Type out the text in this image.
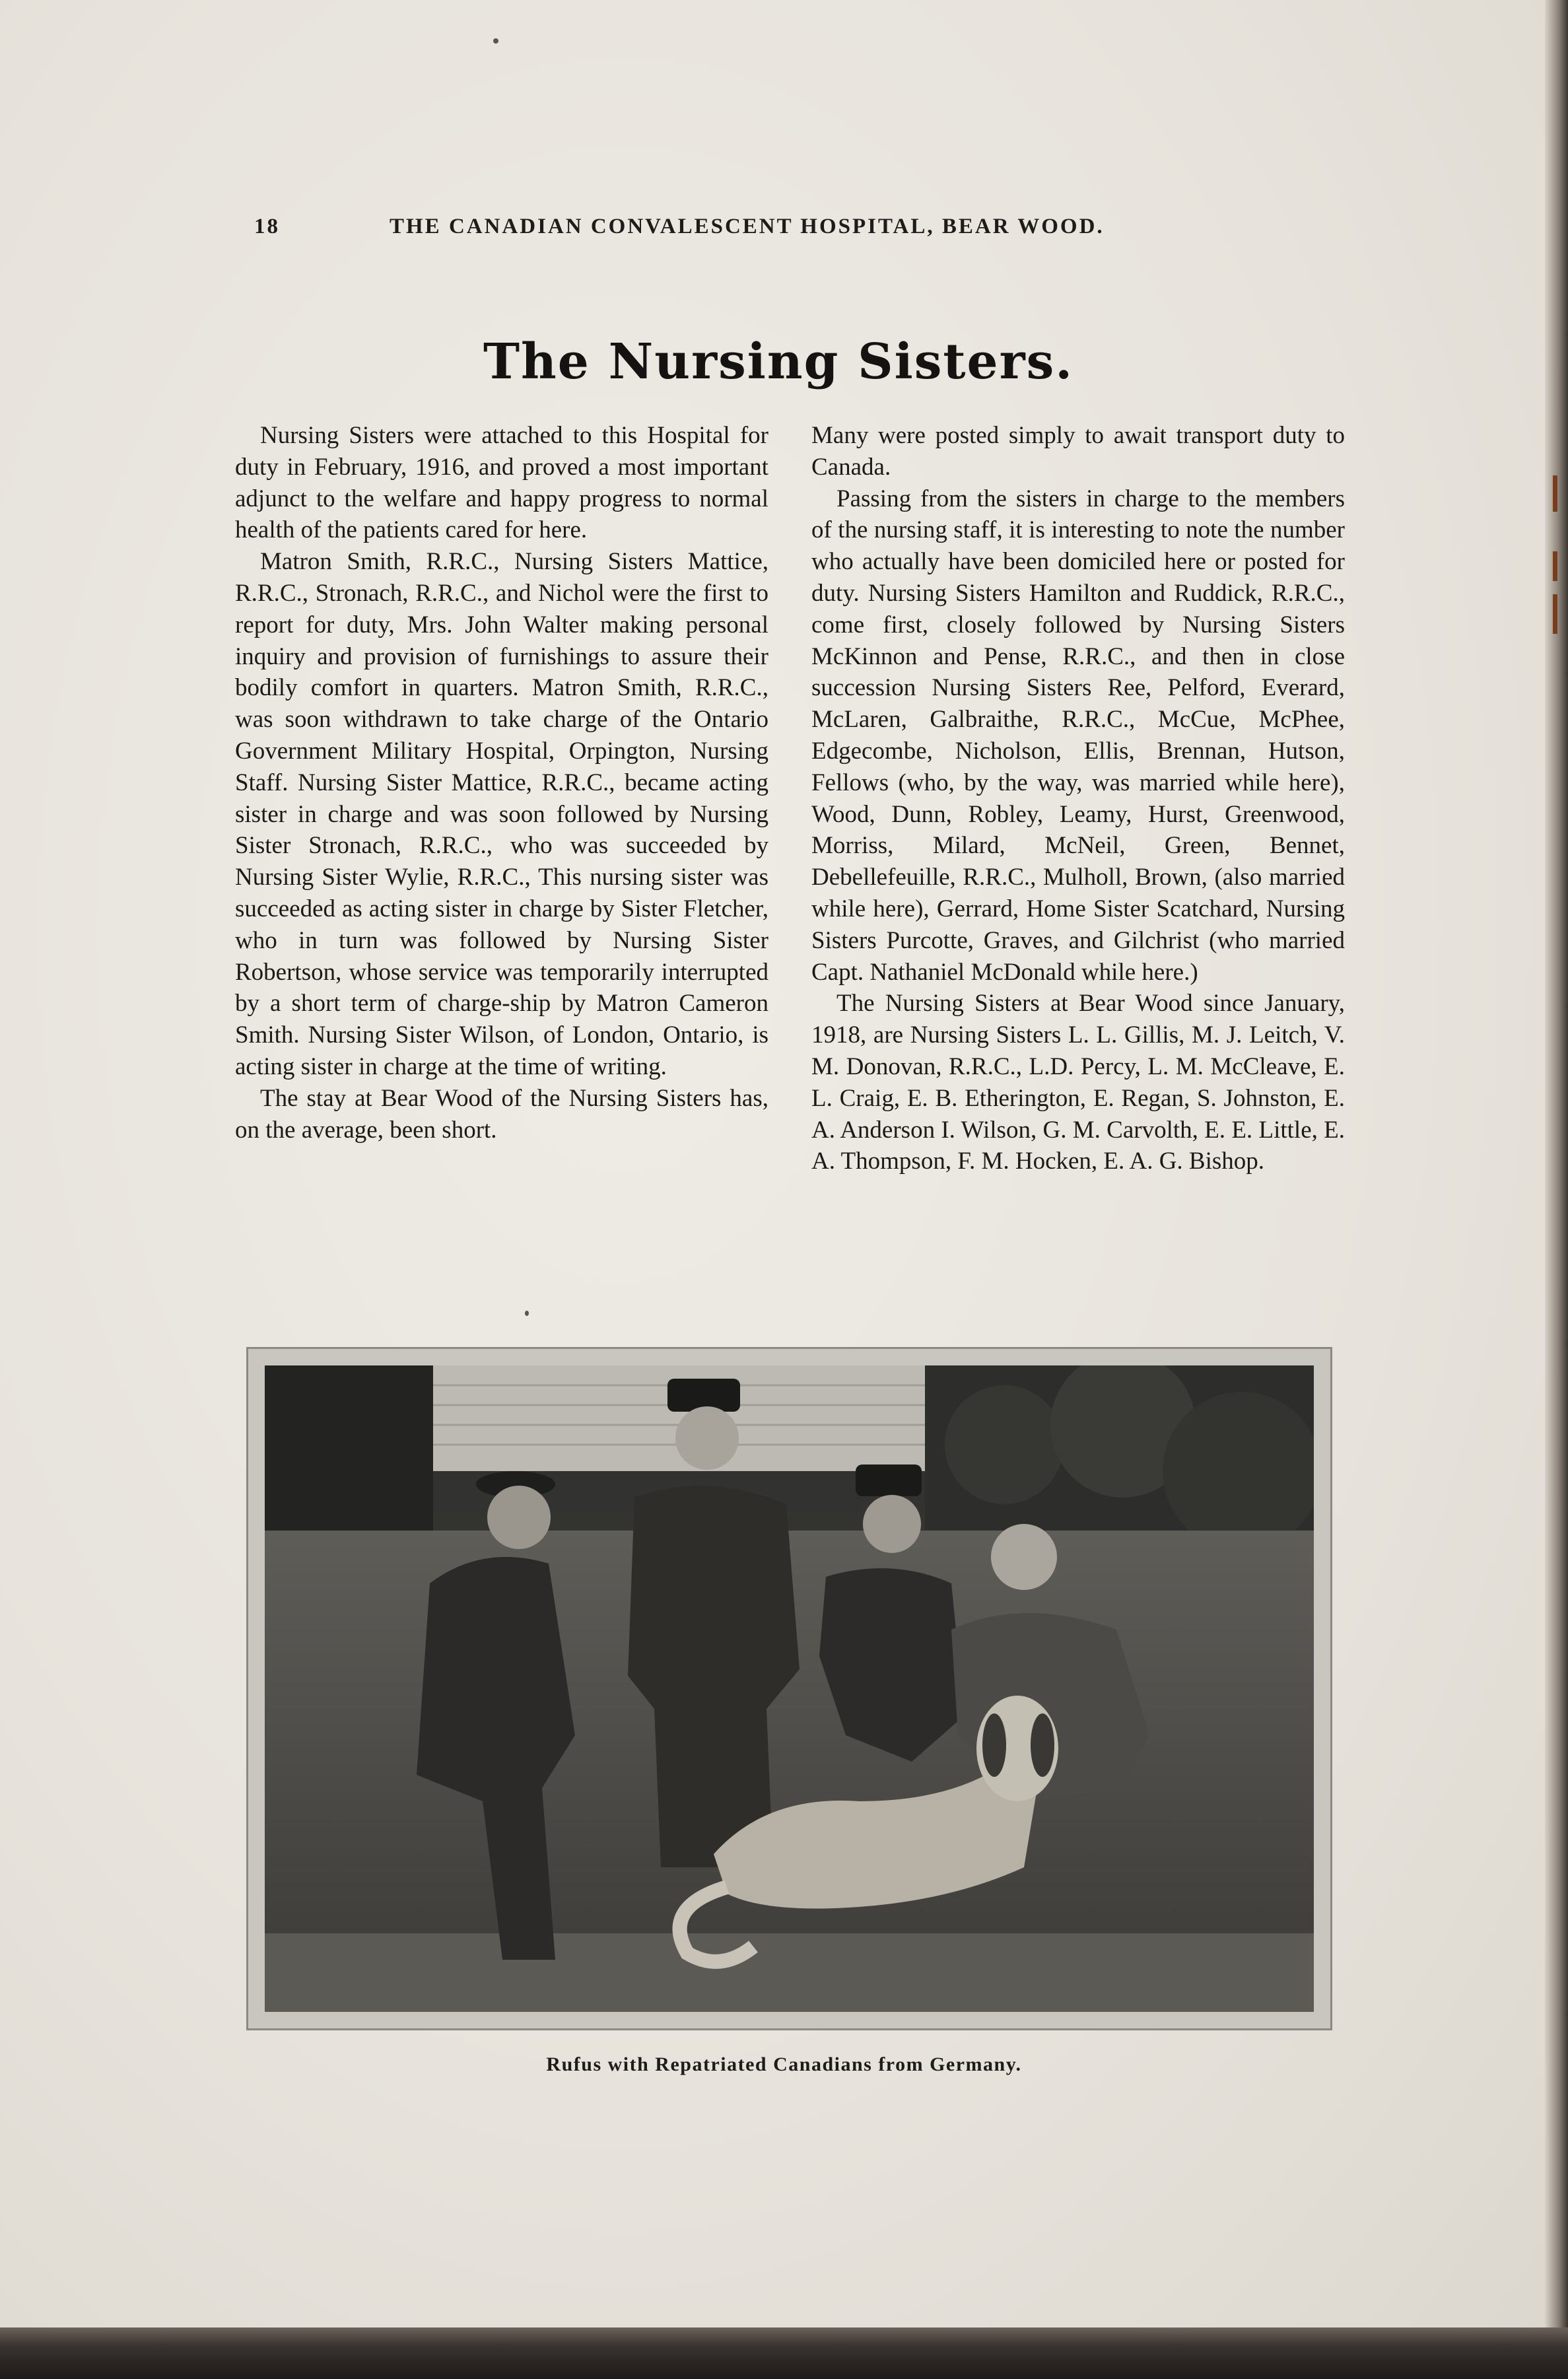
18	THE CANADIAN CONVALESCENT HOSPITAL, BEAR WOOD.
The Nursing Sisters.

Nursing Sisters were attached to this Hospital for duty in February, 1916, and proved a most important adjunct to the welfare and happy progress to normal health of the patients cared for here.

Matron Smith, R.R.C., Nursing Sisters Mattice, R.R.C., Stronach, R.R.C., and Nichol were the first to report for duty, Mrs. John Walter making personal inquiry and provision of furnishings to assure their bodily comfort in quarters. Matron Smith, R.R.C., was soon withdrawn to take charge of the Ontario Government Military Hospital, Orpington, Nursing Staff. Nursing Sister Mattice, R.R.C., became acting sister in charge and was soon followed by Nursing Sister Stronach, R.R.C., who was succeeded by Nursing Sister Wylie, R.R.C., This nursing sister was succeeded as acting sister in charge by Sister Fletcher, who in turn was followed by Nursing Sister Robertson, whose service was temporarily interrupted by a short term of charge-ship by Matron Cameron Smith. Nursing Sister Wilson, of London, Ontario, is acting sister in charge at the time of writing.

The stay at Bear Wood of the Nursing Sisters has, on the average, been short.

Many were posted simply to await transport duty to Canada.

Passing from the sisters in charge to the members of the nursing staff, it is interesting to note the number who actually have been domiciled here or posted for duty. Nursing Sisters Hamilton and Ruddick, R.R.C., come first, closely followed by Nursing Sisters McKinnon and Pense, R.R.C., and then in close succession Nursing Sisters Ree, Pelford, Everard, McLaren, Galbraithe, R.R.C., McCue, McPhee, Edgecombe, Nicholson, Ellis, Brennan, Hutson, Fellows (who, by the way, was married while here), Wood, Dunn, Robley, Leamy, Hurst, Greenwood, Morriss, Milard, McNeil, Green, Bennet, Debellefeuille, R.R.C., Mulholl, Brown, (also married while here), Gerrard, Home Sister Scatchard, Nursing Sisters Purcotte, Graves, and Gilchrist (who married Capt. Nathaniel McDonald while here.)

The Nursing Sisters at Bear Wood since January, 1918, are Nursing Sisters L. L. Gillis, M. J. Leitch, V. M. Donovan, R.R.C., L.D. Percy, L. M. McCleave, E. L. Craig, E. B. Etherington, E. Regan, S. Johnston, E. A. Anderson I. Wilson, G. M. Carvolth, E. E. Little, E. A. Thompson, F. M. Hocken, E. A. G. Bishop.

Rufus with Repatriated Canadians from Germany.
